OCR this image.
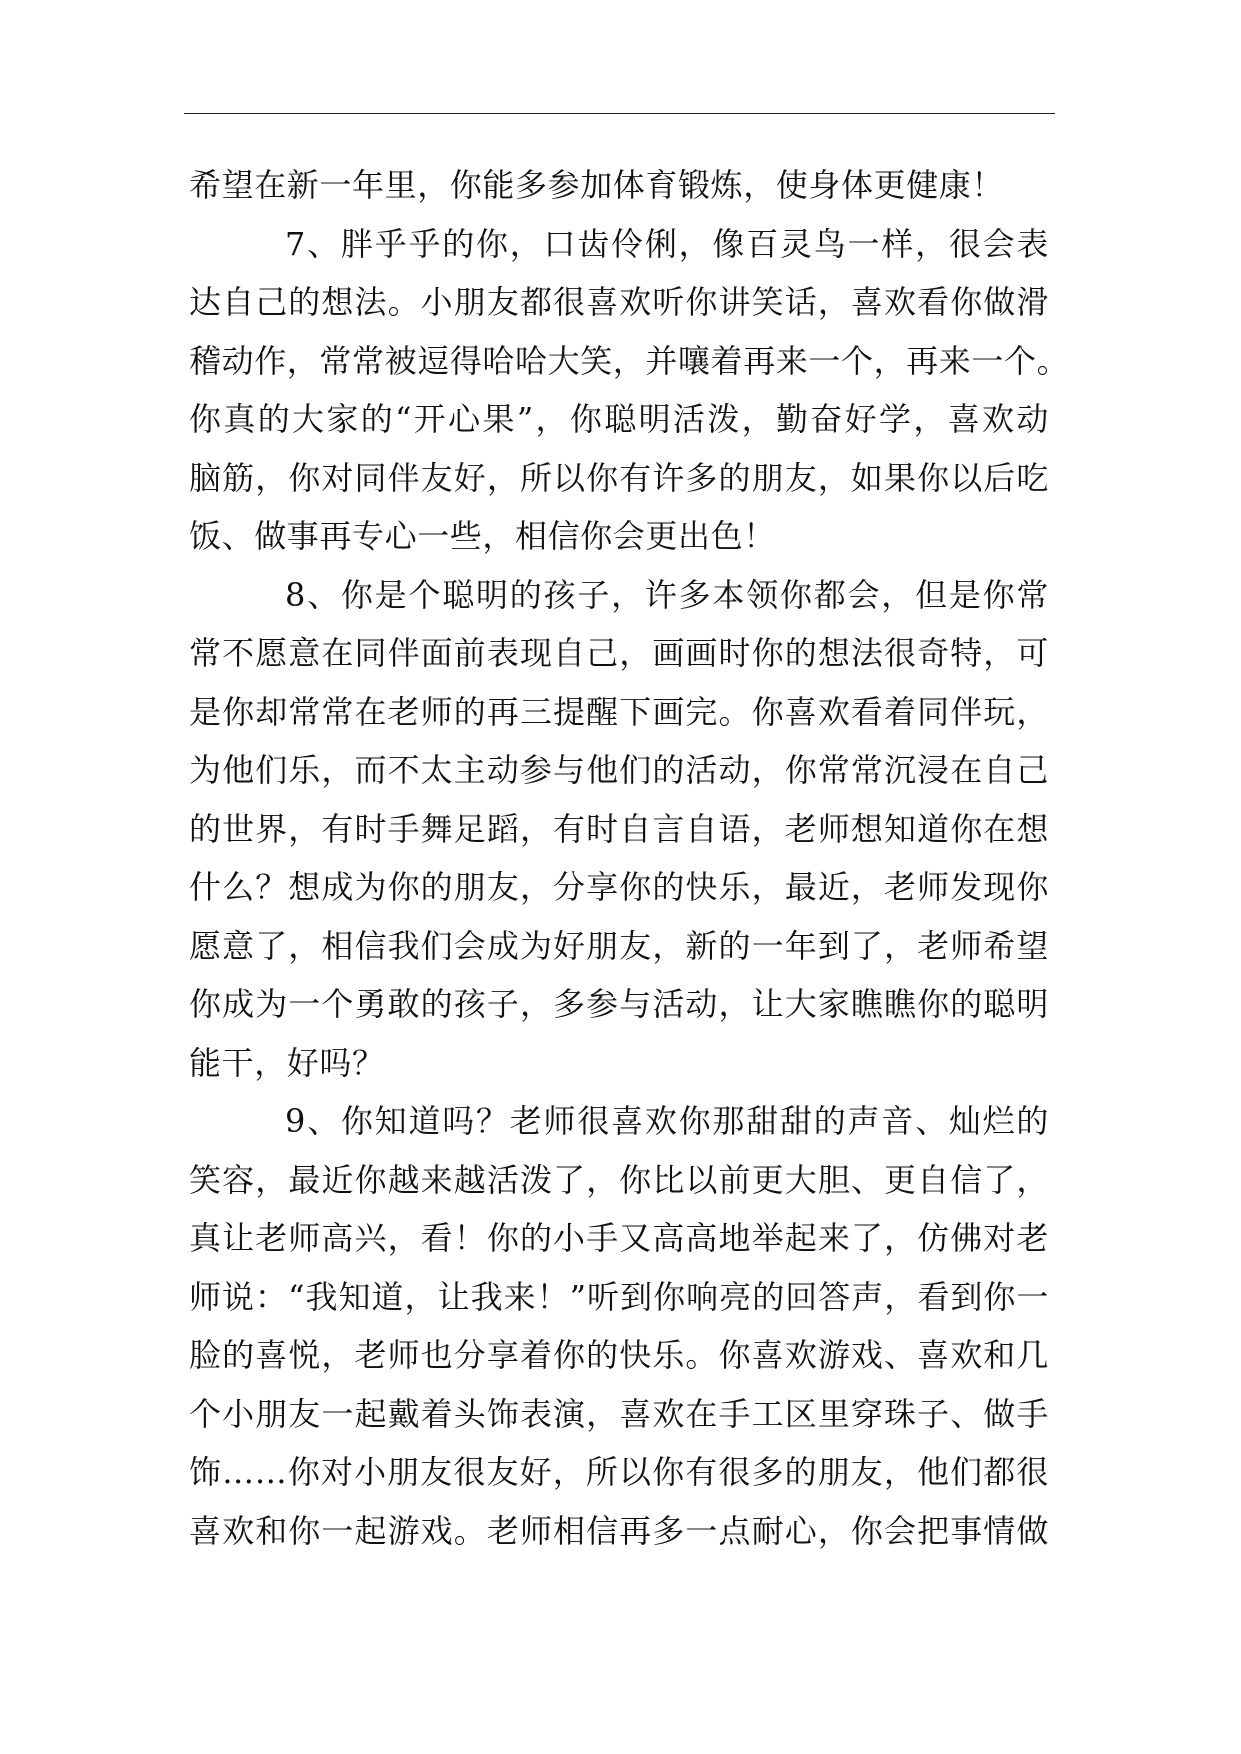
希望在新一年里，你能多参加体育锻炼，使身体更健康！
7、胖乎乎的你，口齿伶俐，像百灵鸟一样，很会表
达自己的想法。小朋友都很喜欢听你讲笑话，喜欢看你做滑
稽动作，常常被逗得哈哈大笑，并嚷着再来一个，再来一个。
你真的大家的“开心果”，你聪明活泼，勤奋好学，喜欢动
脑筋，你对同伴友好，所以你有许多的朋友，如果你以后吃
饭、做事再专心一些，相信你会更出色！
8、你是个聪明的孩子，许多本领你都会，但是你常
常不愿意在同伴面前表现自己，画画时你的想法很奇特，可
是你却常常在老师的再三提醒下画完。你喜欢看着同伴玩，
为他们乐，而不太主动参与他们的活动，你常常沉浸在自己
的世界，有时手舞足蹈，有时自言自语，老师想知道你在想
什么？想成为你的朋友，分享你的快乐，最近，老师发现你
愿意了，相信我们会成为好朋友，新的一年到了，老师希望
你成为一个勇敢的孩子，多参与活动，让大家瞧瞧你的聪明
能干，好吗？
9、你知道吗？老师很喜欢你那甜甜的声音、灿烂的
笑容，最近你越来越活泼了，你比以前更大胆、更自信了，
真让老师高兴，看！你的小手又高高地举起来了，仿佛对老
师说：“我知道，让我来！”听到你响亮的回答声，看到你一
脸的喜悦，老师也分享着你的快乐。你喜欢游戏、喜欢和几
个小朋友一起戴着头饰表演，喜欢在手工区里穿珠子、做手
饰……你对小朋友很友好，所以你有很多的朋友，他们都很
喜欢和你一起游戏。老师相信再多一点耐心，你会把事情做
